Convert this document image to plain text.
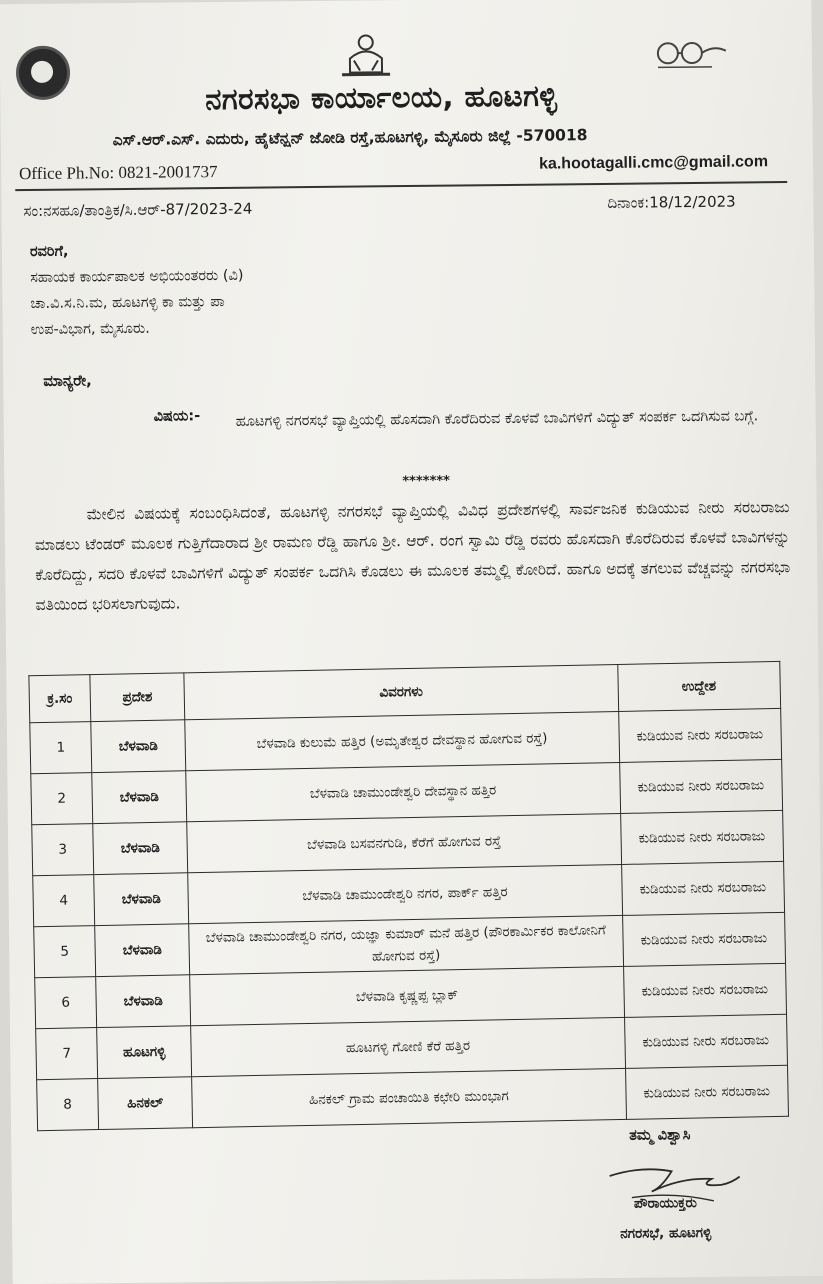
ನಗರಸಭಾ ಕಾರ್ಯಾಲಯ, ಹೂಟಗಳ್ಳಿ
ಎಸ್.ಆರ್.ಎಸ್. ಎದುರು, ಹೈಟೆನ್ಷನ್ ಜೋಡಿ ರಸ್ತೆ,ಹೂಟಗಳ್ಳಿ, ಮೈಸೂರು ಜಿಲ್ಲೆ -570018
Office Ph.No: 0821-2001737	ka.hootagalli.cmc@gmail.com
ಸಂ:ನಸಹೂ/ತಾಂತ್ರಿಕ/ಸಿ.ಆರ್-87/2023-24	ದಿನಾಂಕ:18/12/2023
ರವರಿಗೆ,
ಸಹಾಯಕ ಕಾರ್ಯಪಾಲಕ ಅಭಿಯಂತರರು (ವಿ)
ಚಾ.ವಿ.ಸ.ನಿ.ಮ, ಹೂಟಗಳ್ಳಿ ಕಾ ಮತ್ತು ಪಾ
ಉಪ-ವಿಭಾಗ, ಮೈಸೂರು.
ಮಾನ್ಯರೇ,
ವಿಷಯ:- ಹೂಟಗಳ್ಳಿ ನಗರಸಭೆ ವ್ಯಾಪ್ತಿಯಲ್ಲಿ ಹೊಸದಾಗಿ ಕೊರೆದಿರುವ ಕೊಳವೆ ಬಾವಿಗಳಿಗೆ ವಿದ್ಯುತ್ ಸಂಪರ್ಕ ಒದಗಿಸುವ ಬಗ್ಗೆ.
*******
ಮೇಲಿನ ವಿಷಯಕ್ಕೆ ಸಂಬಂಧಿಸಿದಂತೆ, ಹೂಟಗಳ್ಳಿ ನಗರಸಭೆ ವ್ಯಾಪ್ತಿಯಲ್ಲಿ ವಿವಿಧ ಪ್ರದೇಶಗಳಲ್ಲಿ ಸಾರ್ವಜನಿಕ ಕುಡಿಯುವ ನೀರು ಸರಬರಾಜು ಮಾಡಲು ಟೆಂಡರ್ ಮೂಲಕ ಗುತ್ತಿಗೆದಾರಾದ ಶ್ರೀ ರಾಮಣ ರೆಡ್ಡಿ ಹಾಗೂ ಶ್ರೀ. ಆರ್. ರಂಗ ಸ್ವಾಮಿ ರೆಡ್ಡಿ ರವರು ಹೊಸದಾಗಿ ಕೊರೆದಿರುವ ಕೊಳವೆ ಬಾವಿಗಳನ್ನು ಕೊರೆದಿದ್ದು, ಸದರಿ ಕೊಳವೆ ಬಾವಿಗಳಿಗೆ ವಿದ್ಯುತ್ ಸಂಪರ್ಕ ಒದಗಿಸಿ ಕೊಡಲು ಈ ಮೂಲಕ ತಮ್ಮಲ್ಲಿ ಕೋರಿದೆ. ಹಾಗೂ ಅದಕ್ಕೆ ತಗಲುವ ವೆಚ್ಚವನ್ನು ನಗರಸಭಾ ವತಿಯಿಂದ ಭರಿಸಲಾಗುವುದು.
ಕ್ರ.ಸಂ	ಪ್ರದೇಶ	ವಿವರಗಳು	ಉದ್ದೇಶ
1	ಬೆಳವಾಡಿ	ಬೆಳವಾಡಿ ಕುಲುಮೆ ಹತ್ತಿರ (ಅಮೃತೇಶ್ವರ ದೇವಸ್ಥಾನ ಹೋಗುವ ರಸ್ತೆ)	ಕುಡಿಯುವ ನೀರು ಸರಬರಾಜು
2	ಬೆಳವಾಡಿ	ಬೆಳವಾಡಿ ಚಾಮುಂಡೇಶ್ವರಿ ದೇವಸ್ಥಾನ ಹತ್ತಿರ	ಕುಡಿಯುವ ನೀರು ಸರಬರಾಜು
3	ಬೆಳವಾಡಿ	ಬೆಳವಾಡಿ ಬಸವನಗುಡಿ, ಕೆರೆಗೆ ಹೋಗುವ ರಸ್ತೆ	ಕುಡಿಯುವ ನೀರು ಸರಬರಾಜು
4	ಬೆಳವಾಡಿ	ಬೆಳವಾಡಿ ಚಾಮುಂಡೇಶ್ವರಿ ನಗರ, ಪಾರ್ಕ್ ಹತ್ತಿರ	ಕುಡಿಯುವ ನೀರು ಸರಬರಾಜು
5	ಬೆಳವಾಡಿ	ಬೆಳವಾಡಿ ಚಾಮುಂಡೇಶ್ವರಿ ನಗರ, ಯಜ್ಞಾ ಕುಮಾರ್ ಮನೆ ಹತ್ತಿರ (ಪೌರಕಾರ್ಮಿಕರ ಕಾಲೋನಿಗೆ ಹೋಗುವ ರಸ್ತೆ)	ಕುಡಿಯುವ ನೀರು ಸರಬರಾಜು
6	ಬೆಳವಾಡಿ	ಬೆಳವಾಡಿ ಕೃಷ್ಣಪ್ಪ ಬ್ಲಾಕ್	ಕುಡಿಯುವ ನೀರು ಸರಬರಾಜು
7	ಹೂಟಗಳ್ಳಿ	ಹೂಟಗಳ್ಳಿ ಗೋಣಿ ಕೆರೆ ಹತ್ತಿರ	ಕುಡಿಯುವ ನೀರು ಸರಬರಾಜು
8	ಹಿನಕಲ್	ಹಿನಕಲ್ ಗ್ರಾಮ ಪಂಚಾಯಿತಿ ಕಛೇರಿ ಮುಂಭಾಗ	ಕುಡಿಯುವ ನೀರು ಸರಬರಾಜು
ತಮ್ಮ ವಿಶ್ವಾಸಿ
ಪೌರಾಯುಕ್ತರು
ನಗರಸಭೆ, ಹೂಟಗಳ್ಳಿ
